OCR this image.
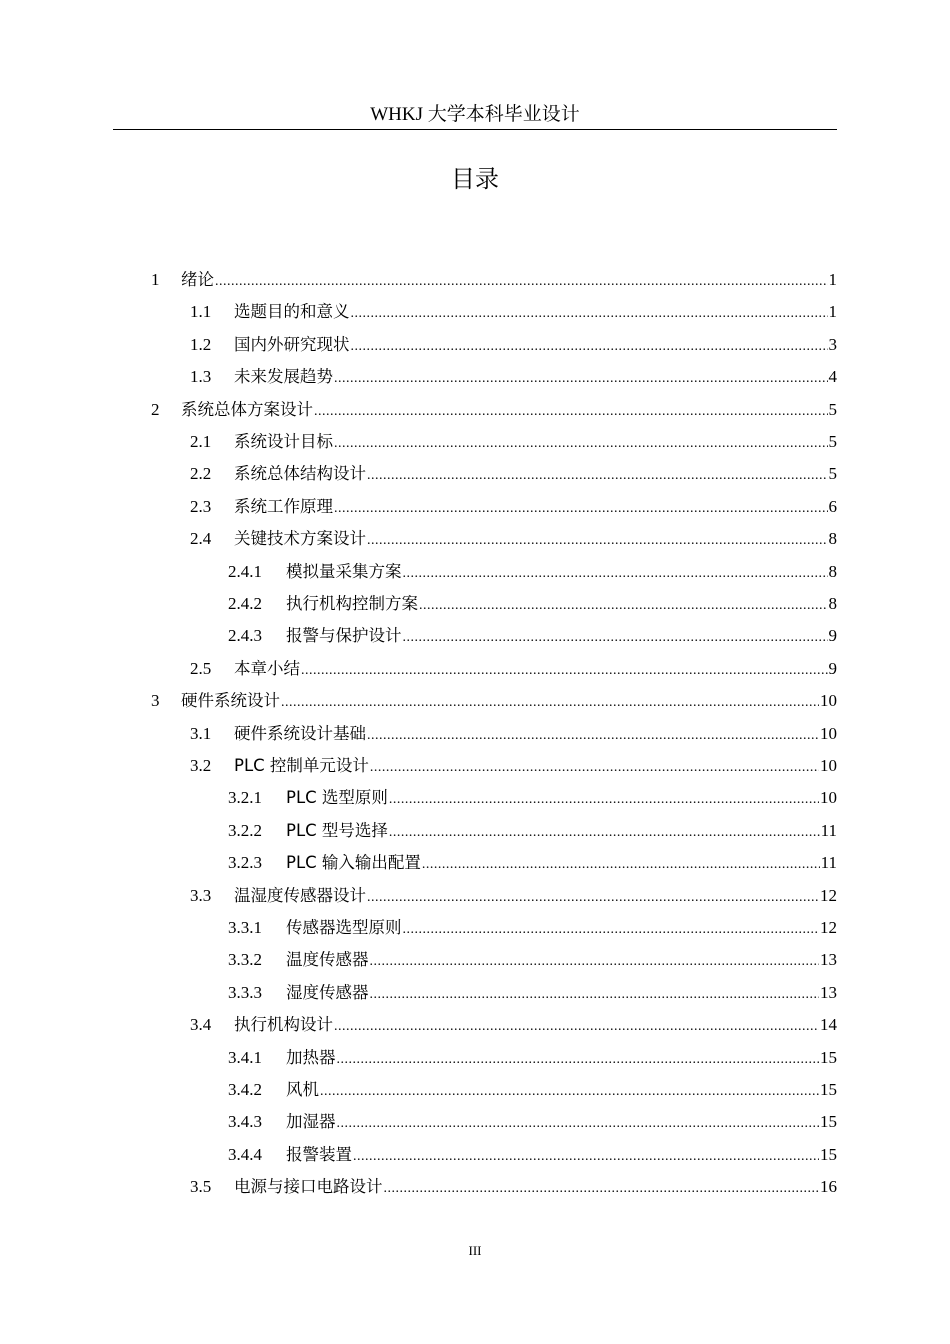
WHKJ 大学本科毕业设计
目录
1	绪论 .....	1
1.1	选题目的和意义 .....	1
1.2	国内外研究现状 .....	3
1.3	未来发展趋势 .....	4
2	系统总体方案设计 .....	5
2.1	系统设计目标 .....	5
2.2	系统总体结构设计 .....	5
2.3	系统工作原理 .....	6
2.4	关键技术方案设计 .....	8
2.4.1	模拟量采集方案 .....	8
2.4.2	执行机构控制方案 .....	8
2.4.3	报警与保护设计 .....	9
2.5	本章小结 .....	9
3	硬件系统设计 .....	10
3.1	硬件系统设计基础 .....	10
3.2	PLC 控制单元设计 .....	10
3.2.1	PLC 选型原则 .....	10
3.2.2	PLC 型号选择 .....	11
3.2.3	PLC 输入输出配置 .....	11
3.3	温湿度传感器设计 .....	12
3.3.1	传感器选型原则 .....	12
3.3.2	温度传感器 .....	13
3.3.3	湿度传感器 .....	13
3.4	执行机构设计 .....	14
3.4.1	加热器 .....	15
3.4.2	风机 .....	15
3.4.3	加湿器 .....	15
3.4.4	报警装置 .....	15
3.5	电源与接口电路设计 .....	16
III
